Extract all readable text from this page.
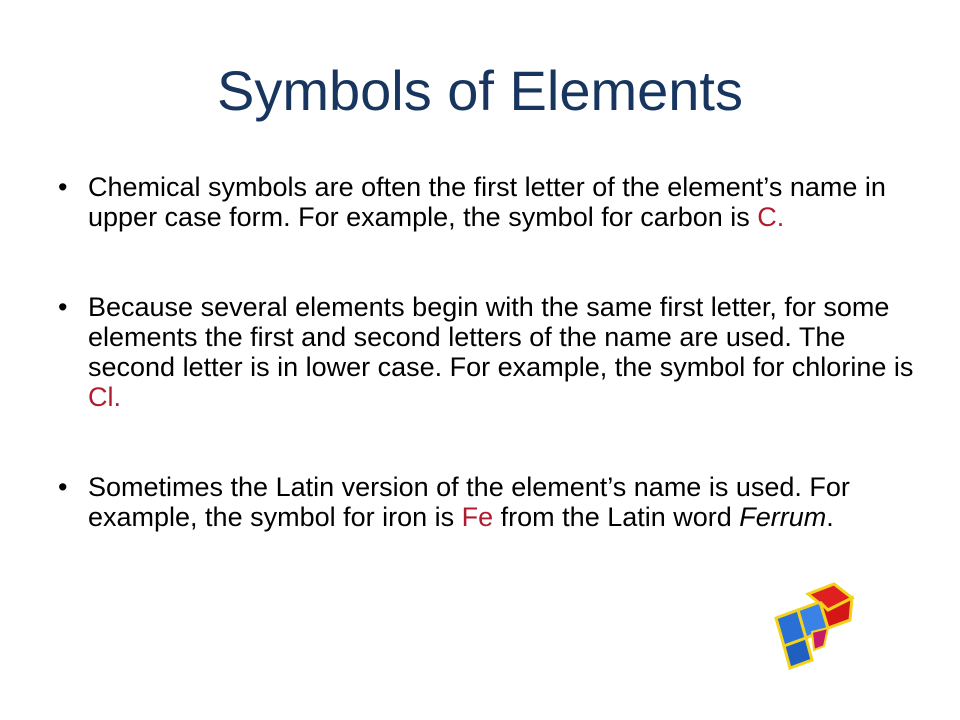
Symbols of Elements
• Chemical symbols are often the first letter of the element’s name in upper case form. For example, the symbol for carbon is C.
• Because several elements begin with the same first letter, for some elements the first and second letters of the name are used. The second letter is in lower case. For example, the symbol for chlorine is Cl.
• Sometimes the Latin version of the element’s name is used. For example, the symbol for iron is Fe from the Latin word Ferrum.
